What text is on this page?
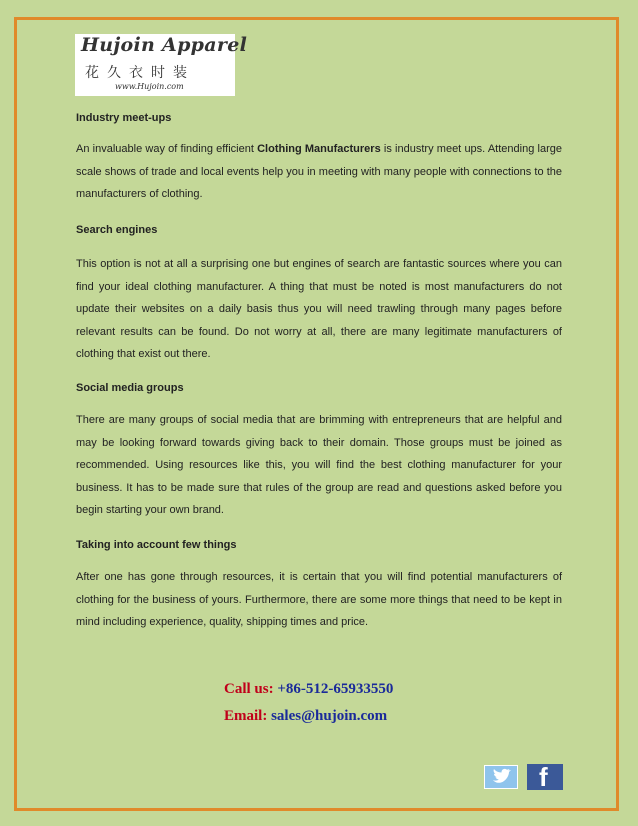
Hujoin Apparel
花久衣时装
www.Hujoin.com
Industry meet-ups

An invaluable way of finding efficient Clothing Manufacturers is industry meet ups. Attending large scale shows of trade and local events help you in meeting with many people with connections to the manufacturers of clothing.

Search engines

This option is not at all a surprising one but engines of search are fantastic sources where you can find your ideal clothing manufacturer. A thing that must be noted is most manufacturers do not update their websites on a daily basis thus you will need trawling through many pages before relevant results can be found. Do not worry at all, there are many legitimate manufacturers of clothing that exist out there.

Social media groups

There are many groups of social media that are brimming with entrepreneurs that are helpful and may be looking forward towards giving back to their domain. Those groups must be joined as recommended. Using resources like this, you will find the best clothing manufacturer for your business. It has to be made sure that rules of the group are read and questions asked before you begin starting your own brand.

Taking into account few things

After one has gone through resources, it is certain that you will find potential manufacturers of clothing for the business of yours. Furthermore, there are some more things that need to be kept in mind including experience, quality, shipping times and price.

Call us: +86-512-65933550
Email: sales@hujoin.com
f
